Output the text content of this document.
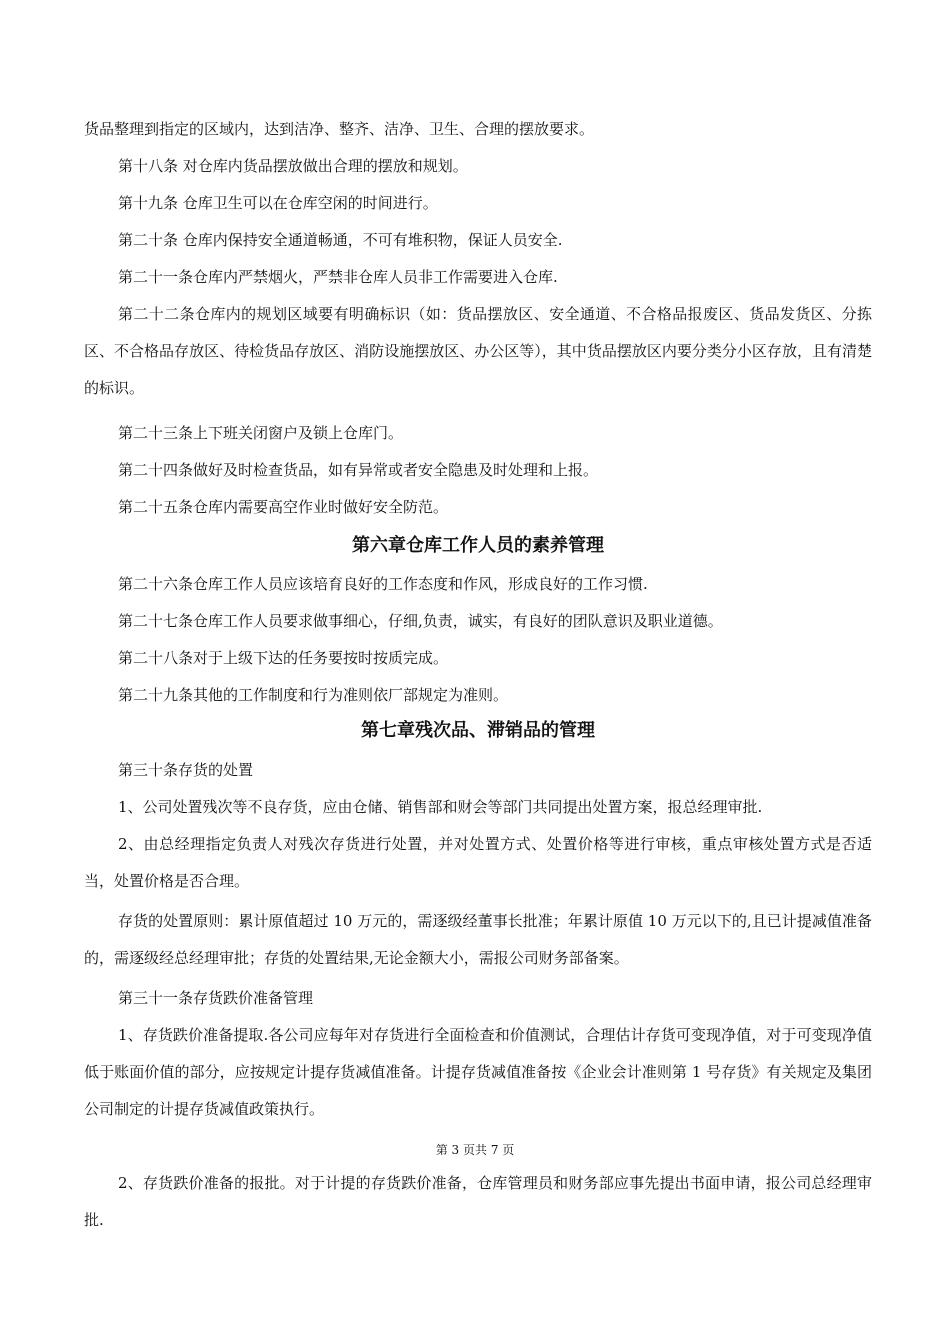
货品整理到指定的区域内，达到洁净、整齐、洁净、卫生、合理的摆放要求。

第十八条 对仓库内货品摆放做出合理的摆放和规划。

第十九条 仓库卫生可以在仓库空闲的时间进行。

第二十条 仓库内保持安全通道畅通，不可有堆积物，保证人员安全.

第二十一条仓库内严禁烟火，严禁非仓库人员非工作需要进入仓库.

第二十二条仓库内的规划区域要有明确标识（如：货品摆放区、安全通道、不合格品报废区、货品发货区、分拣区、不合格品存放区、待检货品存放区、消防设施摆放区、办公区等），其中货品摆放区内要分类分小区存放，且有清楚的标识。

第二十三条上下班关闭窗户及锁上仓库门。

第二十四条做好及时检查货品，如有异常或者安全隐患及时处理和上报。

第二十五条仓库内需要高空作业时做好安全防范。

第六章仓库工作人员的素养管理

第二十六条仓库工作人员应该培育良好的工作态度和作风，形成良好的工作习惯.

第二十七条仓库工作人员要求做事细心，仔细,负责，诚实，有良好的团队意识及职业道德。

第二十八条对于上级下达的任务要按时按质完成。

第二十九条其他的工作制度和行为准则依厂部规定为准则。

第七章残次品、滞销品的管理

第三十条存货的处置

1、公司处置残次等不良存货，应由仓储、销售部和财会等部门共同提出处置方案，报总经理审批.

2、由总经理指定负责人对残次存货进行处置，并对处置方式、处置价格等进行审核，重点审核处置方式是否适当，处置价格是否合理。

存货的处置原则：累计原值超过 10 万元的，需逐级经董事长批准；年累计原值 10 万元以下的,且已计提减值准备的，需逐级经总经理审批；存货的处置结果,无论金额大小，需报公司财务部备案。

第三十一条存货跌价准备管理

1、存货跌价准备提取.各公司应每年对存货进行全面检查和价值测试，合理估计存货可变现净值，对于可变现净值低于账面价值的部分，应按规定计提存货减值准备。计提存货减值准备按《企业会计准则第 1 号存货》有关规定及集团公司制定的计提存货减值政策执行。

第 3 页共 7 页

2、存货跌价准备的报批。对于计提的存货跌价准备，仓库管理员和财务部应事先提出书面申请，报公司总经理审批.
